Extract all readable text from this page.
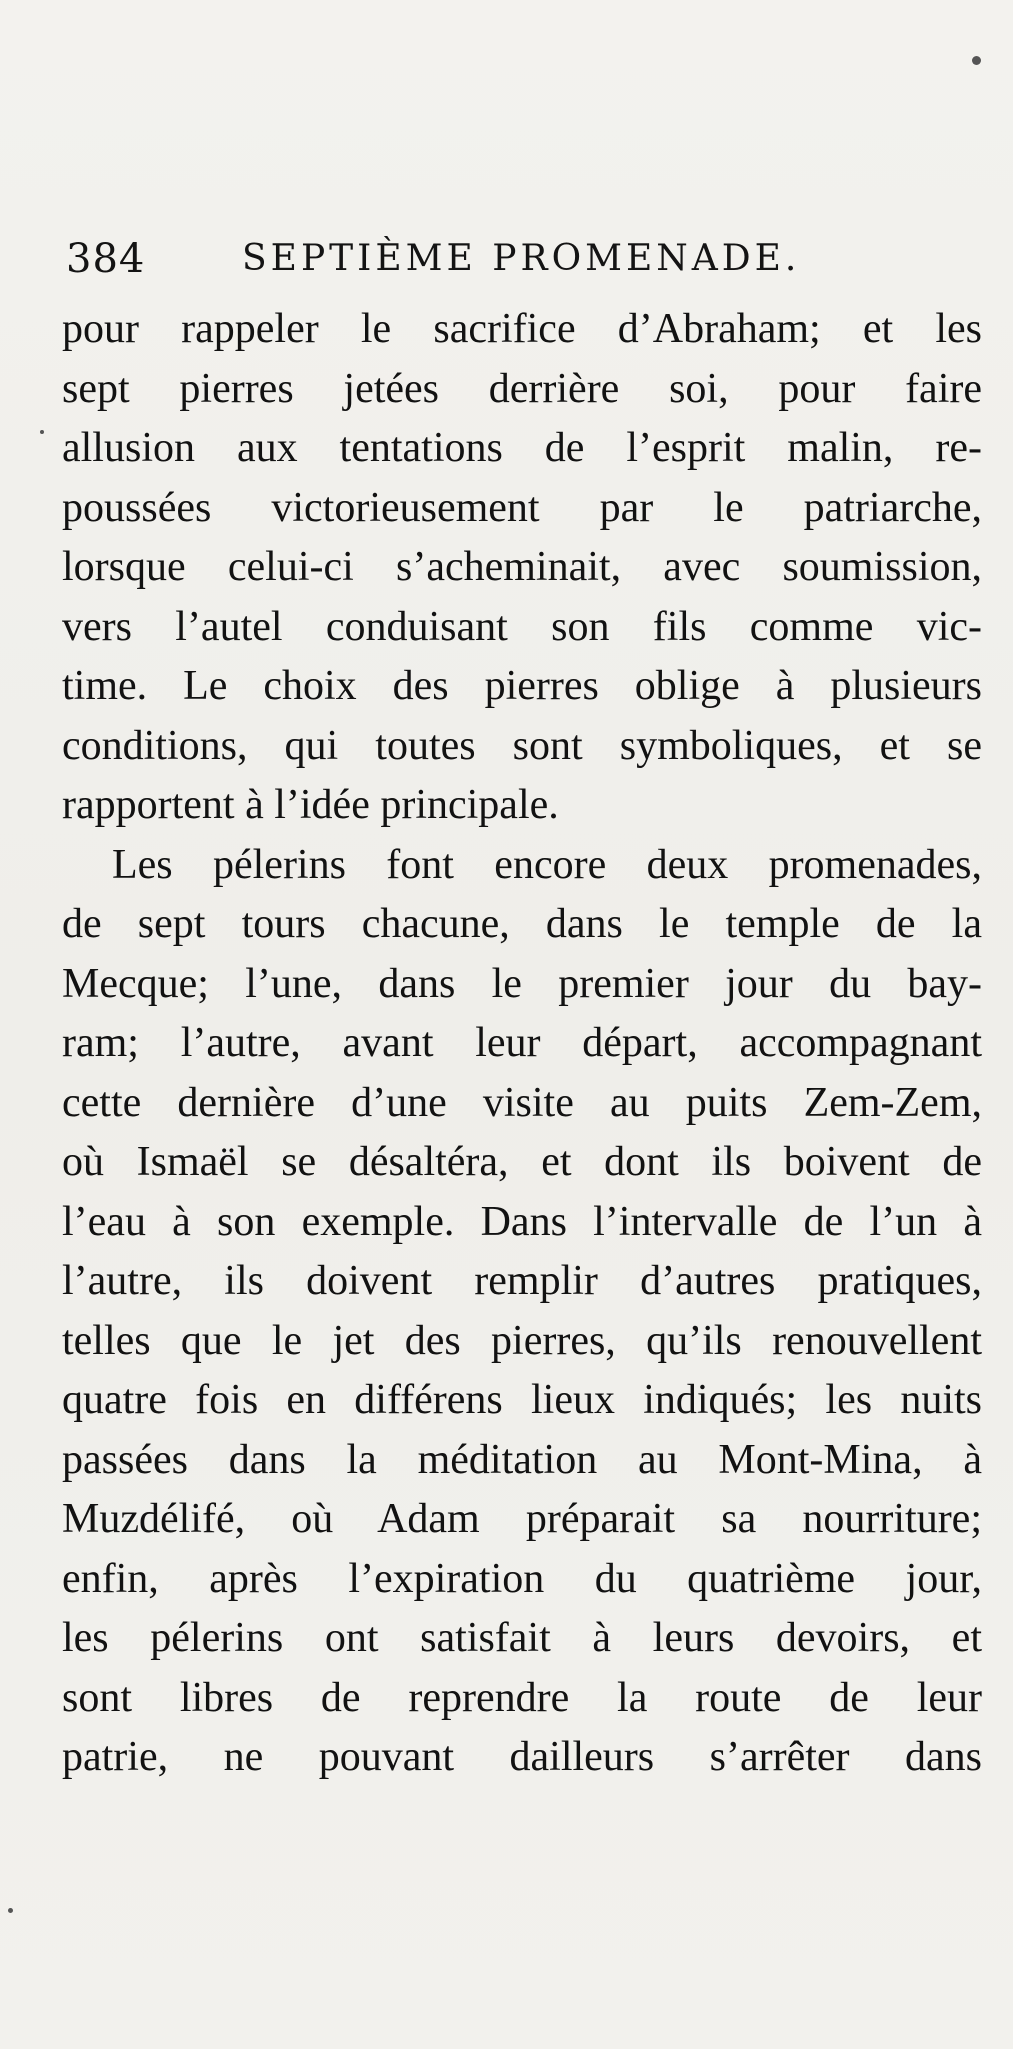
384	SEPTIÈME PROMENADE.
pour rappeler le sacrifice d’Abraham; et les
sept pierres jetées derrière soi, pour faire
allusion aux tentations de l’esprit malin, re-
poussées victorieusement par le patriarche,
lorsque celui-ci s’acheminait, avec soumission,
vers l’autel conduisant son fils comme vic-
time. Le choix des pierres oblige à plusieurs
conditions, qui toutes sont symboliques, et se
rapportent à l’idée principale.
Les pélerins font encore deux promenades,
de sept tours chacune, dans le temple de la
Mecque; l’une, dans le premier jour du bay-
ram; l’autre, avant leur départ, accompagnant
cette dernière d’une visite au puits Zem-Zem,
où Ismaël se désaltéra, et dont ils boivent de
l’eau à son exemple. Dans l’intervalle de l’un à
l’autre, ils doivent remplir d’autres pratiques,
telles que le jet des pierres, qu’ils renouvellent
quatre fois en différens lieux indiqués; les nuits
passées dans la méditation au Mont-Mina, à
Muzdélifé, où Adam préparait sa nourriture;
enfin, après l’expiration du quatrième jour,
les pélerins ont satisfait à leurs devoirs, et
sont libres de reprendre la route de leur
patrie, ne pouvant dailleurs s’arrêter dans
